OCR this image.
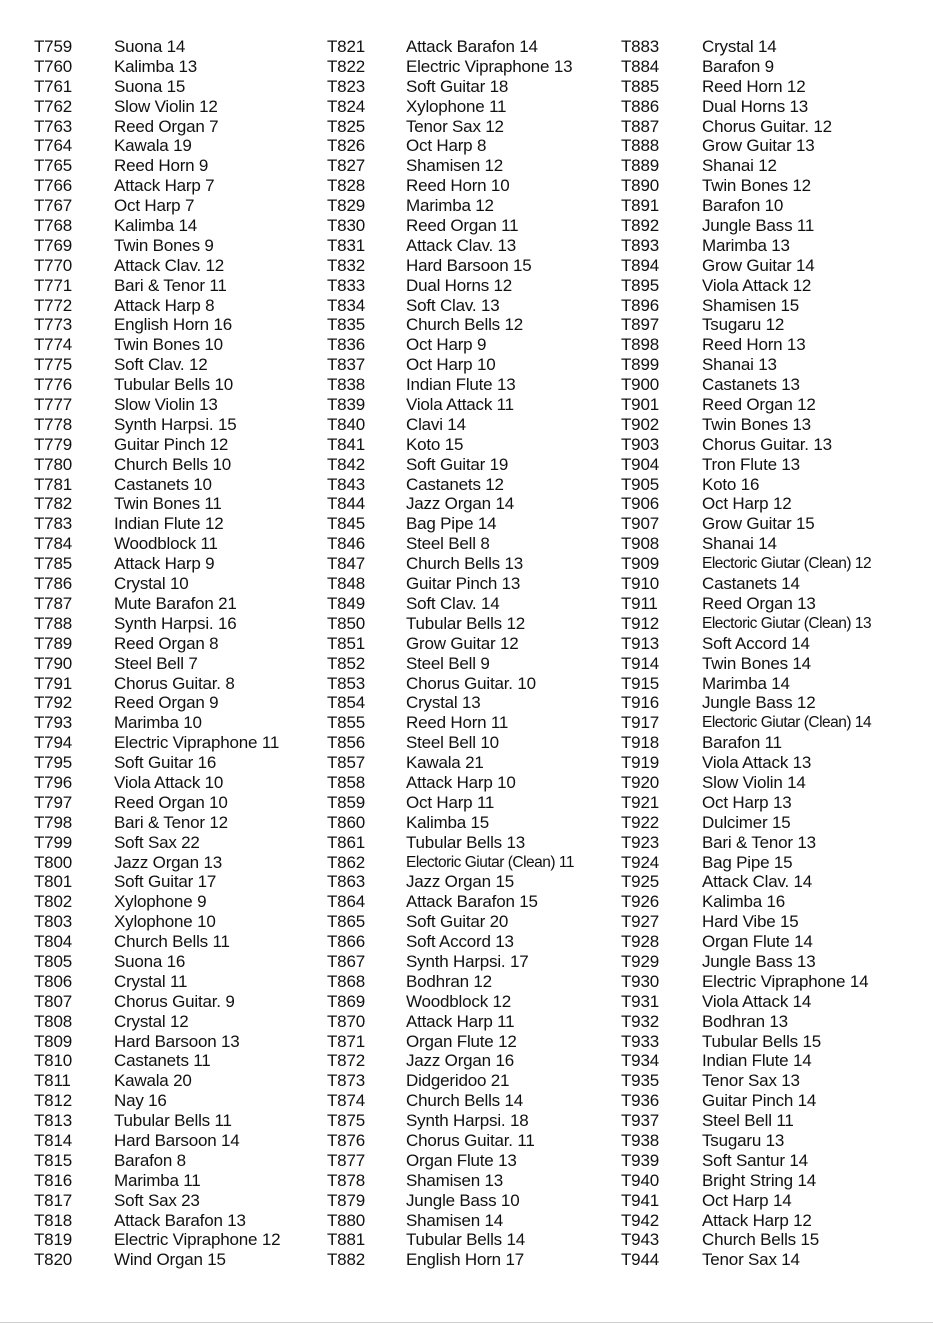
T759 Suona 14
T760 Kalimba 13
T761 Suona 15
T762 Slow Violin 12
T763 Reed Organ 7
T764 Kawala 19
T765 Reed Horn 9
T766 Attack Harp 7
T767 Oct Harp 7
T768 Kalimba 14
T769 Twin Bones 9
T770 Attack Clav. 12
T771 Bari & Tenor 11
T772 Attack Harp 8
T773 English Horn 16
T774 Twin Bones 10
T775 Soft Clav. 12
T776 Tubular Bells 10
T777 Slow Violin 13
T778 Synth Harpsi. 15
T779 Guitar Pinch 12
T780 Church Bells 10
T781 Castanets 10
T782 Twin Bones 11
T783 Indian Flute 12
T784 Woodblock 11
T785 Attack Harp 9
T786 Crystal 10
T787 Mute Barafon 21
T788 Synth Harpsi. 16
T789 Reed Organ 8
T790 Steel Bell 7
T791 Chorus Guitar. 8
T792 Reed Organ 9
T793 Marimba 10
T794 Electric Vipraphone 11
T795 Soft Guitar 16
T796 Viola Attack 10
T797 Reed Organ 10
T798 Bari & Tenor 12
T799 Soft Sax 22
T800 Jazz Organ 13
T801 Soft Guitar 17
T802 Xylophone 9
T803 Xylophone 10
T804 Church Bells 11
T805 Suona 16
T806 Crystal 11
T807 Chorus Guitar. 9
T808 Crystal 12
T809 Hard Barsoon 13
T810 Castanets 11
T811	Kawala 20
T812 Nay 16
T813 Tubular Bells 11
T814 Hard Barsoon 14
T815 Barafon 8
T816 Marimba 11
T817 Soft Sax 23
T818 Attack Barafon 13
T819 Electric Vipraphone 12
T820 Wind Organ 15
T821 Attack Barafon 14
T822 Electric Vipraphone 13
T823 Soft Guitar 18
T824 Xylophone 11
T825 Tenor Sax 12
T826 Oct Harp 8
T827 Shamisen 12
T828 Reed Horn 10
T829 Marimba 12
T830 Reed Organ 11
T831 Attack Clav. 13
T832 Hard Barsoon 15
T833 Dual Horns 12
T834 Soft Clav. 13
T835 Church Bells 12
T836 Oct Harp 9
T837 Oct Harp 10
T838 Indian Flute 13
T839 Viola Attack 11
T840 Clavi 14
T841 Koto 15
T842 Soft Guitar 19
T843 Castanets 12
T844 Jazz Organ 14
T845 Bag Pipe 14
T846 Steel Bell 8
T847 Church Bells 13
T848 Guitar Pinch 13
T849 Soft Clav. 14
T850 Tubular Bells 12
T851 Grow Guitar 12
T852 Steel Bell 9
T853 Chorus Guitar. 10
T854 Crystal 13
T855 Reed Horn 11
T856 Steel Bell 10
T857 Kawala 21
T858 Attack Harp 10
T859 Oct Harp 11
T860 Kalimba 15
T861 Tubular Bells 13
T862	Electoric Giutar (Clean) 11
T863 Jazz Organ 15
T864 Attack Barafon 15
T865 Soft Guitar 20
T866 Soft Accord 13
T867 Synth Harpsi. 17
T868 Bodhran 12
T869 Woodblock 12
T870 Attack Harp 11
T871 Organ Flute 12
T872 Jazz Organ 16
T873 Didgeridoo 21
T874 Church Bells 14
T875 Synth Harpsi. 18
T876 Chorus Guitar. 11
T877 Organ Flute 13
T878 Shamisen 13
T879 Jungle Bass 10
T880 Shamisen 14
T881 Tubular Bells 14
T882 English Horn 17
T883	Crystal 14
T884	Barafon 9
T885	Reed Horn 12
T886	Dual Horns 13
T887	Chorus Guitar. 12
T888	Grow Guitar 13
T889	Shanai 12
T890	Twin Bones 12
T891	Barafon 10
T892	Jungle Bass 11
T893	Marimba 13
T894	Grow Guitar 14
T895	Viola Attack 12
T896	Shamisen 15
T897	Tsugaru 12
T898	Reed Horn 13
T899	Shanai 13
T900	Castanets 13
T901	Reed Organ 12
T902	Twin Bones 13
T903	Chorus Guitar. 13
T904	Tron Flute 13
T905	Koto 16
T906	Oct Harp 12
T907	Grow Guitar 15
T908	Shanai 14
T909	Electoric Giutar (Clean) 12
T910	Castanets 14
T911	Reed Organ 13
T912	Electoric Giutar (Clean) 13
T913	Soft Accord 14
T914	Twin Bones 14
T915	Marimba 14
T916	Jungle Bass 12
T917	Electoric Giutar (Clean) 14
T918	Barafon 11
T919	Viola Attack 13
T920	Slow Violin 14
T921	Oct Harp 13
T922	Dulcimer 15
T923	Bari & Tenor 13
T924	Bag Pipe 15
T925	Attack Clav. 14
T926	Kalimba 16
T927	Hard Vibe 15
T928	Organ Flute 14
T929	Jungle Bass 13
T930	Electric Vipraphone 14
T931	Viola Attack 14
T932	Bodhran 13
T933	Tubular Bells 15
T934	Indian Flute 14
T935	Tenor Sax 13
T936	Guitar Pinch 14
T937	Steel Bell 11
T938	Tsugaru 13
T939	Soft Santur 14
T940	Bright String 14
T941	Oct Harp 14
T942	Attack Harp 12
T943	Church Bells 15
T944	Tenor Sax 14
